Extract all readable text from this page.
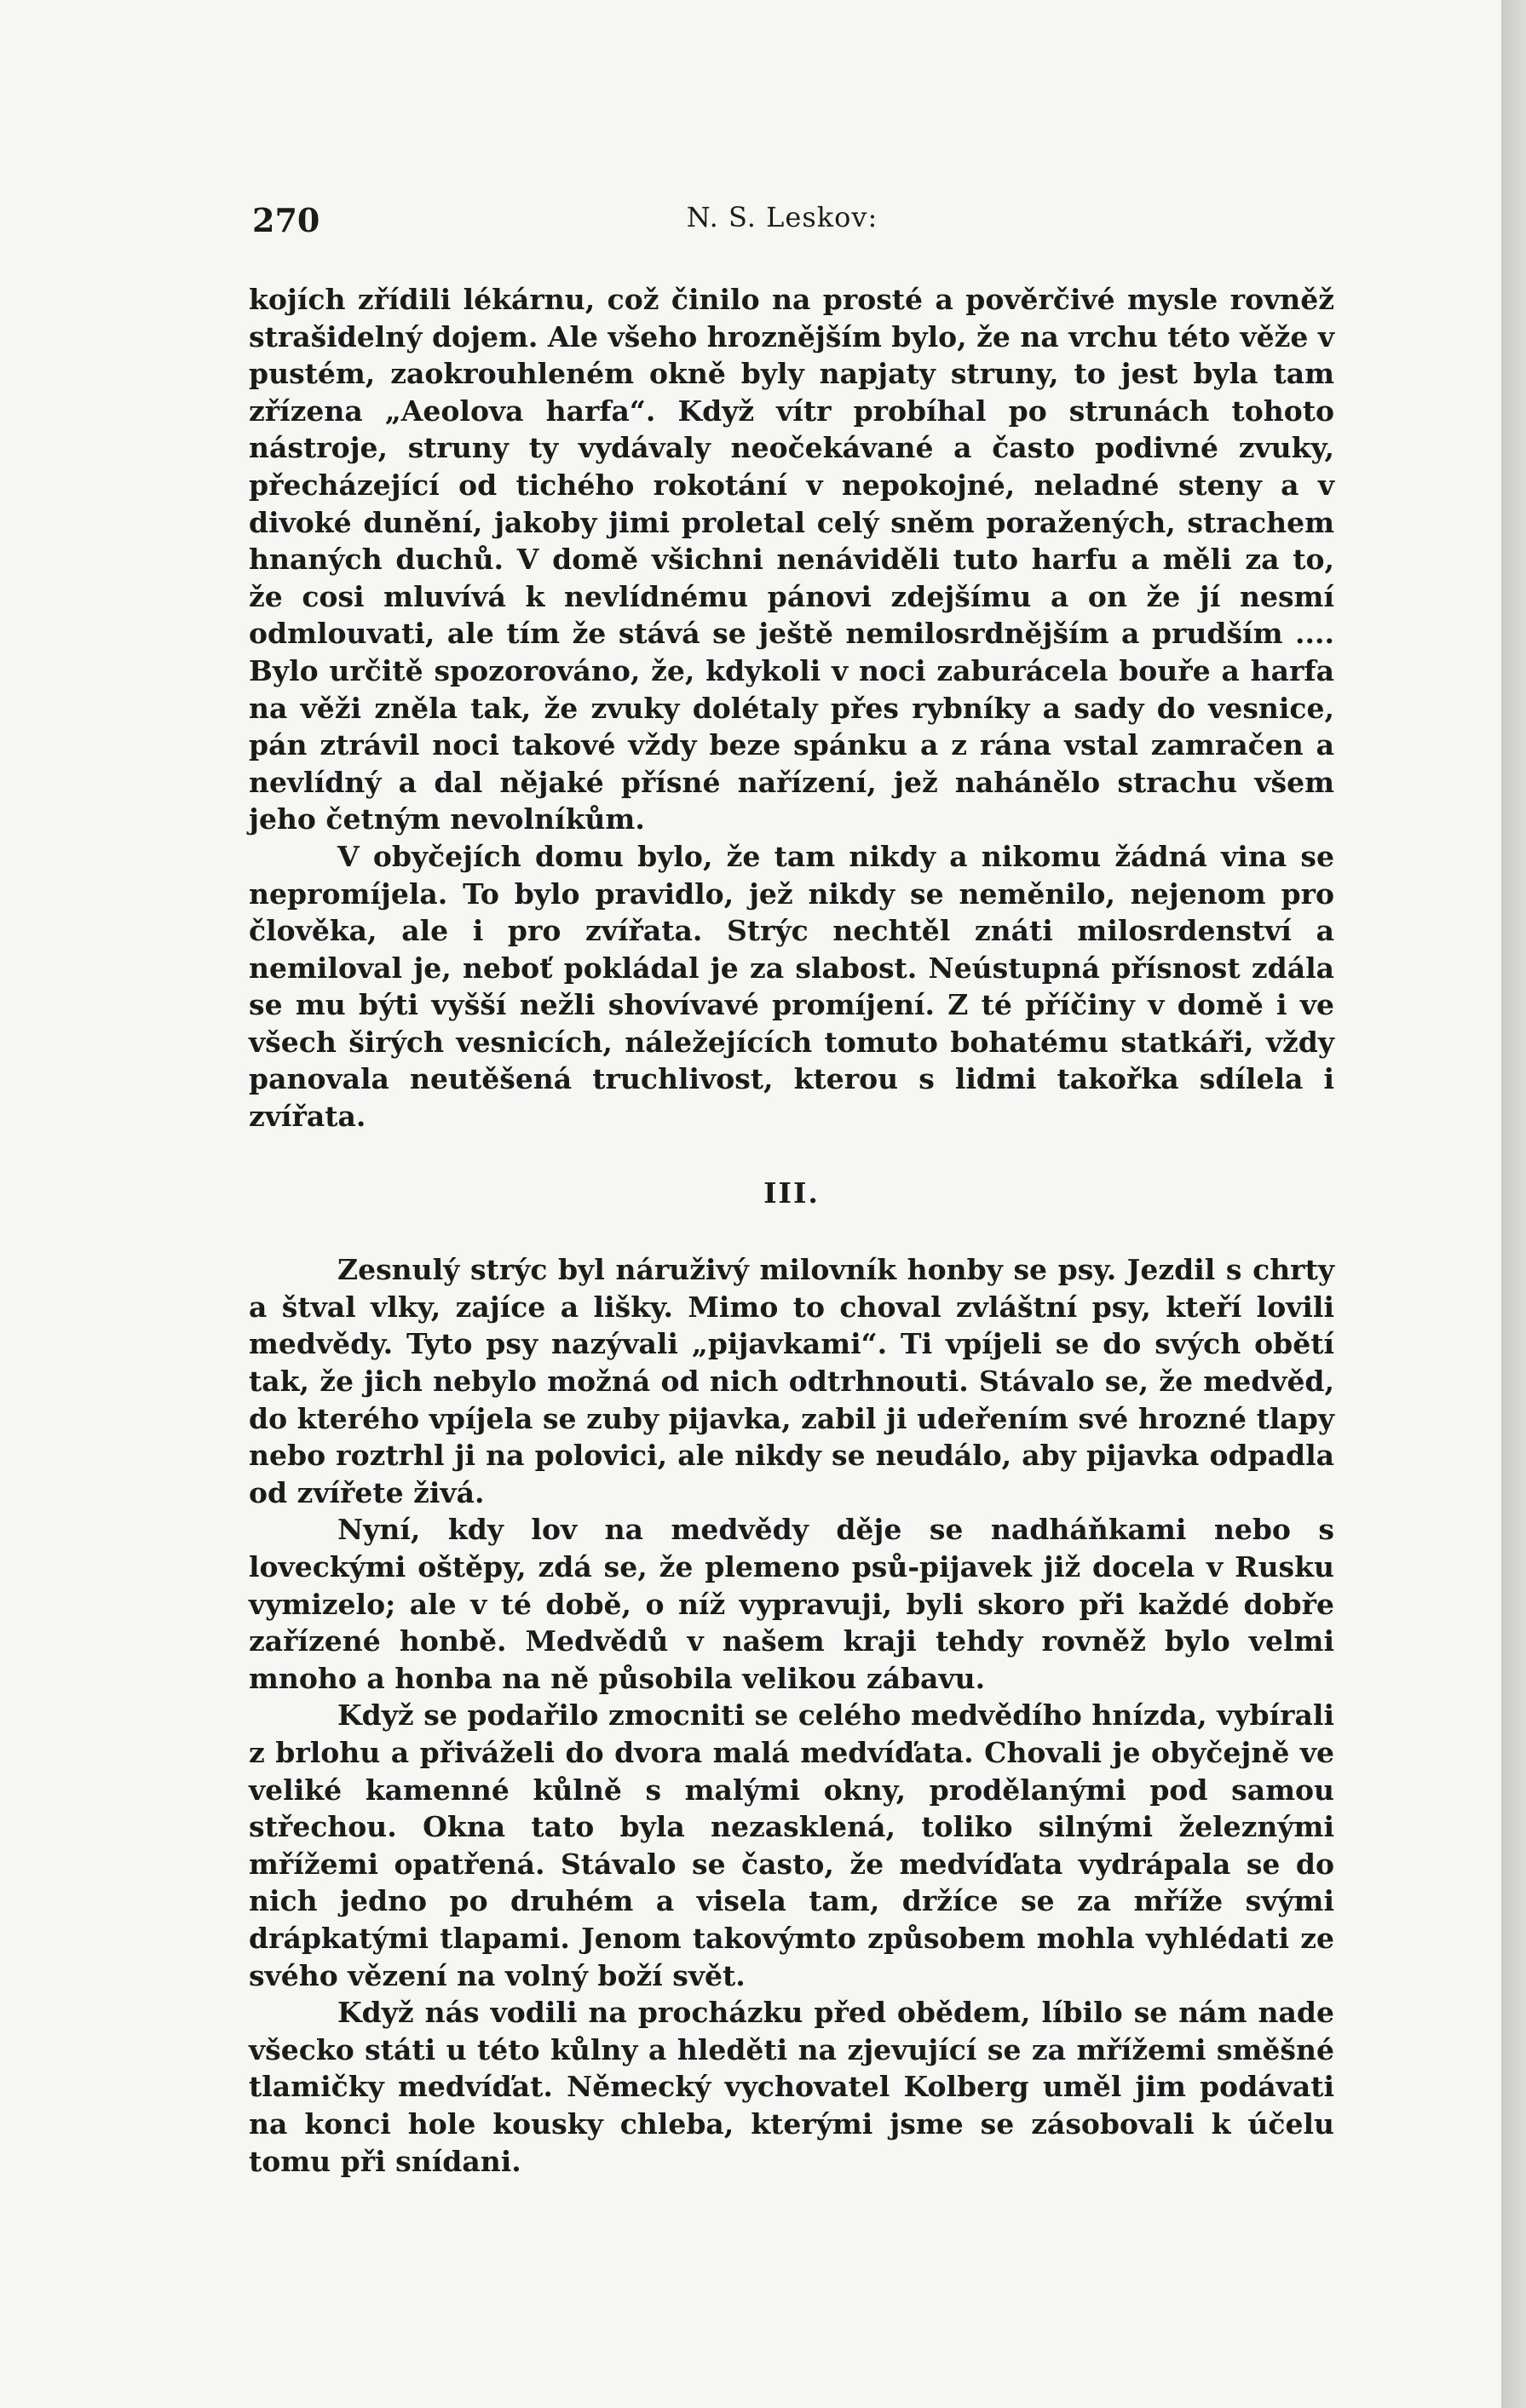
270	N. S. Leskov:

kojích zřídili lékárnu, což činilo na prosté a pověrčivé mysle rovněž strašidelný dojem. Ale všeho hroznějším bylo, že na vrchu této věže v pustém, zaokrouhleném okně byly napjaty struny, to jest byla tam zřízena „Aeolova harfa“. Když vítr probíhal po strunách tohoto nástroje, struny ty vydávaly neočekávané a často podivné zvuky, přecházející od tichého rokotání v nepokojné, neladné steny a v divoké dunění, jakoby jimi proletal celý sněm poražených, strachem hnaných duchů. V domě všichni nenáviděli tuto harfu a měli za to, že cosi mluvívá k nevlídnému pánovi zdejšímu a on že jí nesmí odmlouvati, ale tím že stává se ještě nemilosrdnějším a prudším .... Bylo určitě spozorováno, že, kdykoli v noci zaburácela bouře a harfa na věži zněla tak, že zvuky dolétaly přes rybníky a sady do vesnice, pán ztrávil noci takové vždy beze spánku a z rána vstal zamračen a nevlídný a dal nějaké přísné nařízení, jež nahánělo strachu všem jeho četným nevolníkům.

V obyčejích domu bylo, že tam nikdy a nikomu žádná vina se nepromíjela. To bylo pravidlo, jež nikdy se neměnilo, nejenom pro člověka, ale i pro zvířata. Strýc nechtěl znáti milosrdenství a nemiloval je, neboť pokládal je za slabost. Neústupná přísnost zdála se mu býti vyšší nežli shovívavé promíjení. Z té příčiny v domě i ve všech širých vesnicích, náležejících tomuto bohatému statkáři, vždy panovala neutěšená truchlivost, kterou s lidmi takořka sdílela i zvířata.

III.

Zesnulý strýc byl náruživý milovník honby se psy. Jezdil s chrty a štval vlky, zajíce a lišky. Mimo to choval zvláštní psy, kteří lovili medvědy. Tyto psy nazývali „pijavkami“. Ti vpíjeli se do svých obětí tak, že jich nebylo možná od nich odtrhnouti. Stávalo se, že medvěd, do kterého vpíjela se zuby pijavka, zabil ji udeřením své hrozné tlapy nebo roztrhl ji na polovici, ale nikdy se neudálo, aby pijavka odpadla od zvířete živá.

Nyní, kdy lov na medvědy děje se nadháňkami nebo s loveckými oštěpy, zdá se, že plemeno psů-pijavek již docela v Rusku vymizelo; ale v té době, o níž vypravuji, byli skoro při každé dobře zařízené honbě. Medvědů v našem kraji tehdy rovněž bylo velmi mnoho a honba na ně působila velikou zábavu.

Když se podařilo zmocniti se celého medvědího hnízda, vybírali z brlohu a přiváželi do dvora malá medvíďata. Chovali je obyčejně ve veliké kamenné kůlně s malými okny, prodělanými pod samou střechou. Okna tato byla nezasklená, toliko silnými železnými mřížemi opatřená. Stávalo se často, že medvíďata vydrápala se do nich jedno po druhém a visela tam, držíce se za mříže svými drápkatými tlapami. Jenom takovýmto způsobem mohla vyhlédati ze svého vězení na volný boží svět.

Když nás vodili na procházku před obědem, líbilo se nám nade všecko státi u této kůlny a hleděti na zjevující se za mřížemi směšné tlamičky medvíďat. Německý vychovatel Kolberg uměl jim podávati na konci hole kousky chleba, kterými jsme se zásobovali k účelu tomu při snídani.
